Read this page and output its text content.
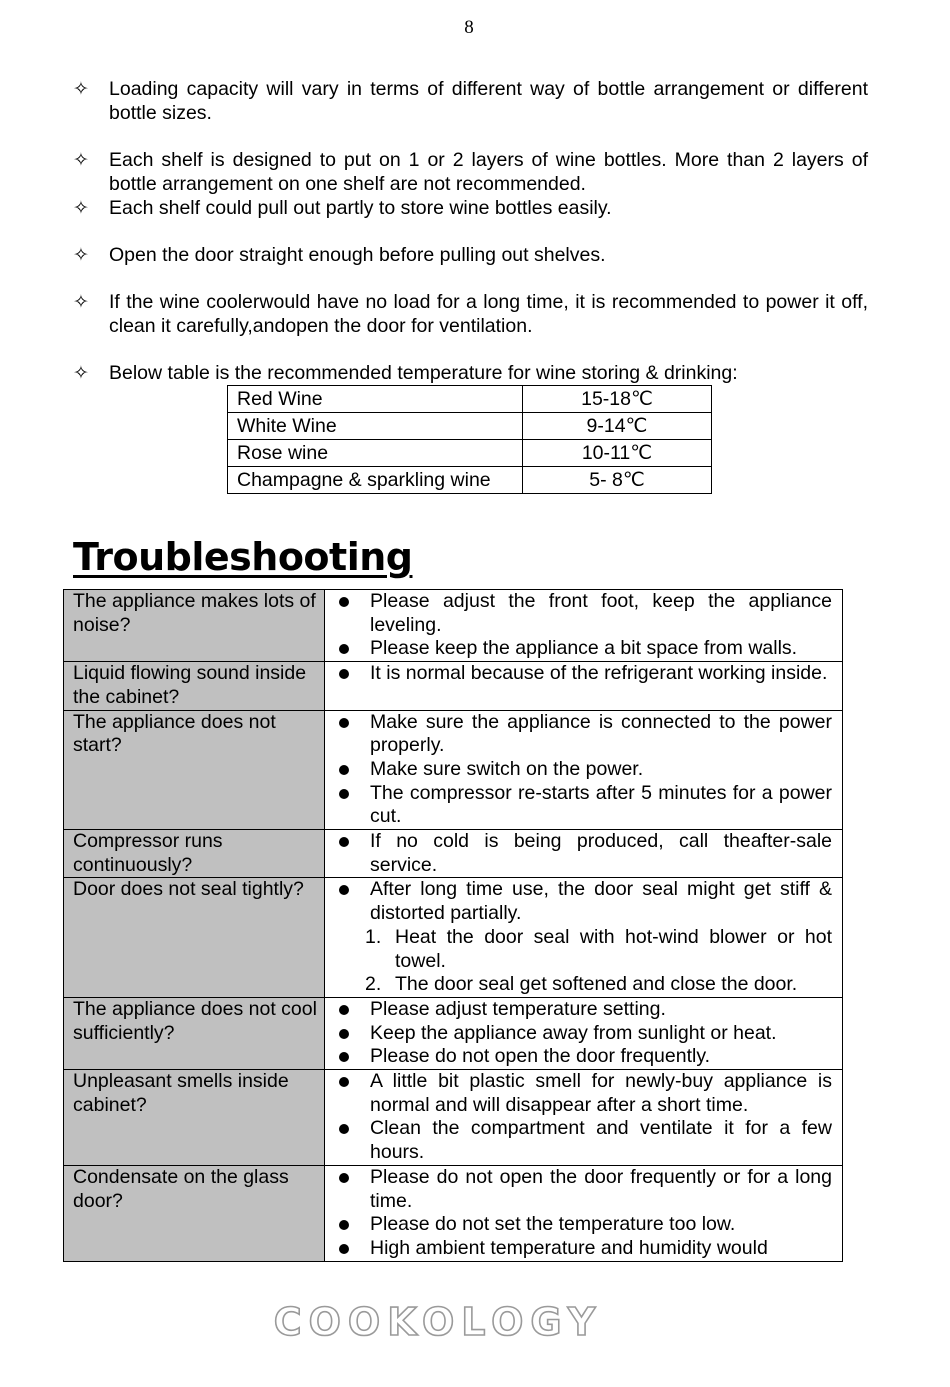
8
✧ Loading capacity will vary in terms of different way of bottle arrangement or different bottle sizes.
✧ Each shelf is designed to put on 1 or 2 layers of wine bottles. More than 2 layers of bottle arrangement on one shelf are not recommended.
✧ Each shelf could pull out partly to store wine bottles easily.
✧ Open the door straight enough before pulling out shelves.
✧ If the wine coolerwould have no load for a long time, it is recommended to power it off, clean it carefully,andopen the door for ventilation.
✧ Below table is the recommended temperature for wine storing & drinking:
Red Wine	15-18℃
White Wine	9-14℃
Rose wine	10-11℃
Champagne & sparkling wine	5- 8℃
Troubleshooting
The appliance makes lots of noise?	Please adjust the front foot, keep the appliance leveling.
Please keep the appliance a bit space from walls.

Liquid flowing sound inside the cabinet?	It is normal because of the refrigerant working inside.

The appliance does not start?	Make sure the appliance is connected to the power properly.
Make sure switch on the power.
The compressor re-starts after 5 minutes for a power cut.

Compressor runs continuously?	If no cold is being produced, call theafter-sale service.

Door does not seal tightly?	After long time use, the door seal might get stiff & distorted partially.
1. Heat the door seal with hot-wind blower or hot towel.
2. The door seal get softened and close the door.

The appliance does not cool sufficiently?	Please adjust temperature setting.
Keep the appliance away from sunlight or heat.
Please do not open the door frequently.

Unpleasant smells inside cabinet?	A little bit plastic smell for newly-buy appliance is normal and will disappear after a short time.
Clean the compartment and ventilate it for a few hours.

Condensate on the glass door?	Please do not open the door frequently or for a long time.
Please do not set the temperature too low.
High ambient temperature and humidity would
COOKOLOGY
